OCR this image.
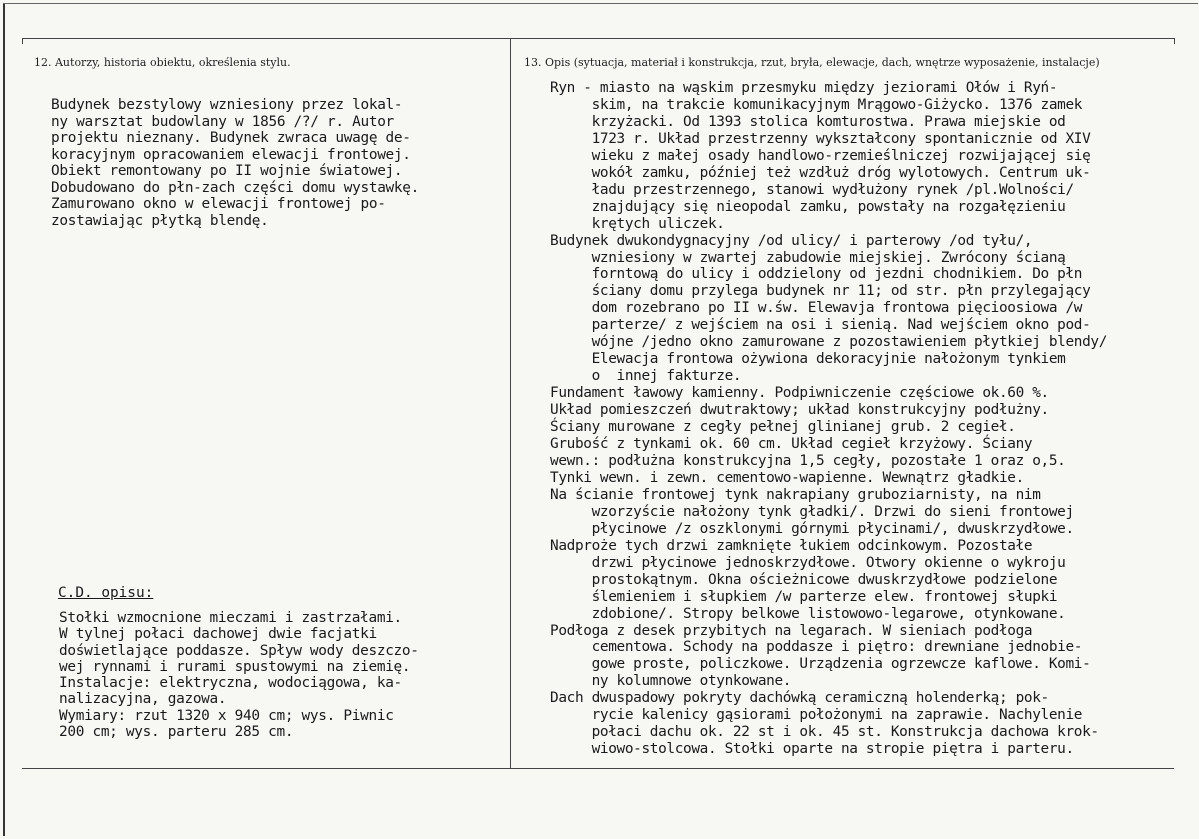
12. Autorzy, historia obiektu, określenia stylu.	13. Opis (sytuacja, materiał i konstrukcja, rzut, bryła, elewacje, dach, wnętrze wyposażenie, instalacje)
Budynek bezstylowy wzniesiony przez lokal-
ny warsztat budowlany w 1856 /?/ r. Autor
projektu nieznany. Budynek zwraca uwagę de-
koracyjnym opracowaniem elewacji frontowej.
Obiekt remontowany po II wojnie światowej.
Dobudowano do płn-zach części domu wystawkę.
Zamurowano okno w elewacji frontowej po-
zostawiając płytką blendę.
C.D. opisu:
Stołki wzmocnione mieczami i zastrzałami.
W tylnej połaci dachowej dwie facjatki
doświetlające poddasze. Spływ wody deszczo-
wej rynnami i rurami spustowymi na ziemię.
Instalacje: elektryczna, wodociągowa, ka-
nalizacyjna, gazowa.
Wymiary: rzut 1320 x 940 cm; wys. Piwnic
200 cm; wys. parteru 285 cm.
Ryn - miasto na wąskim przesmyku między jeziorami Ołów i Ryń-
skim, na trakcie komunikacyjnym Mrągowo-Giżycko. 1376 zamek
krzyżacki. Od 1393 stolica komturostwa. Prawa miejskie od
1723 r. Układ przestrzenny wykształcony spontanicznie od XIV
wieku z małej osady handlowo-rzemieślniczej rozwijającej się
wokół zamku, później też wzdłuż dróg wylotowych. Centrum uk-
ładu przestrzennego, stanowi wydłużony rynek /pl.Wolności/
znajdujący się nieopodal zamku, powstały na rozgałęzieniu
krętych uliczek.
Budynek dwukondygnacyjny /od ulicy/ i parterowy /od tyłu/,
wzniesiony w zwartej zabudowie miejskiej. Zwrócony ścianą
forntową do ulicy i oddzielony od jezdni chodnikiem. Do płn
ściany domu przylega budynek nr 11; od str. płn przylegający
dom rozebrano po II w.św. Elewavja frontowa pięcioosiowa /w
parterze/ z wejściem na osi i sienią. Nad wejściem okno pod-
wójne /jedno okno zamurowane z pozostawieniem płytkiej blendy/
Elewacja frontowa ożywiona dekoracyjnie nałożonym tynkiem
o  innej fakturze.
Fundament ławowy kamienny. Podpiwniczenie częściowe ok.60 %.
Układ pomieszczeń dwutraktowy; układ konstrukcyjny podłużny.
Ściany murowane z cegły pełnej glinianej grub. 2 cegieł.
Grubość z tynkami ok. 60 cm. Układ cegieł krzyżowy. Ściany
wewn.: podłużna konstrukcyjna 1,5 cegły, pozostałe 1 oraz o,5.
Tynki wewn. i zewn. cementowo-wapienne. Wewnątrz gładkie.
Na ścianie frontowej tynk nakrapiany gruboziarnisty, na nim
wzorzyście nałożony tynk gładki/. Drzwi do sieni frontowej
płycinowe /z oszklonymi górnymi płycinami/, dwuskrzydłowe.
Nadproże tych drzwi zamknięte łukiem odcinkowym. Pozostałe
drzwi płycinowe jednoskrzydłowe. Otwory okienne o wykroju
prostokątnym. Okna ościeżnicowe dwuskrzydłowe podzielone
ślemieniem i słupkiem /w parterze elew. frontowej słupki
zdobione/. Stropy belkowe listowowo-legarowe, otynkowane.
Podłoga z desek przybitych na legarach. W sieniach podłoga
cementowa. Schody na poddasze i piętro: drewniane jednobie-
gowe proste, policzkowe. Urządzenia ogrzewcze kaflowe. Komi-
ny kolumnowe otynkowane.
Dach dwuspadowy pokryty dachówką ceramiczną holenderką; pok-
rycie kalenicy gąsiorami położonymi na zaprawie. Nachylenie
połaci dachu ok. 22 st i ok. 45 st. Konstrukcja dachowa krok-
wiowo-stolcowa. Stołki oparte na stropie piętra i parteru.
